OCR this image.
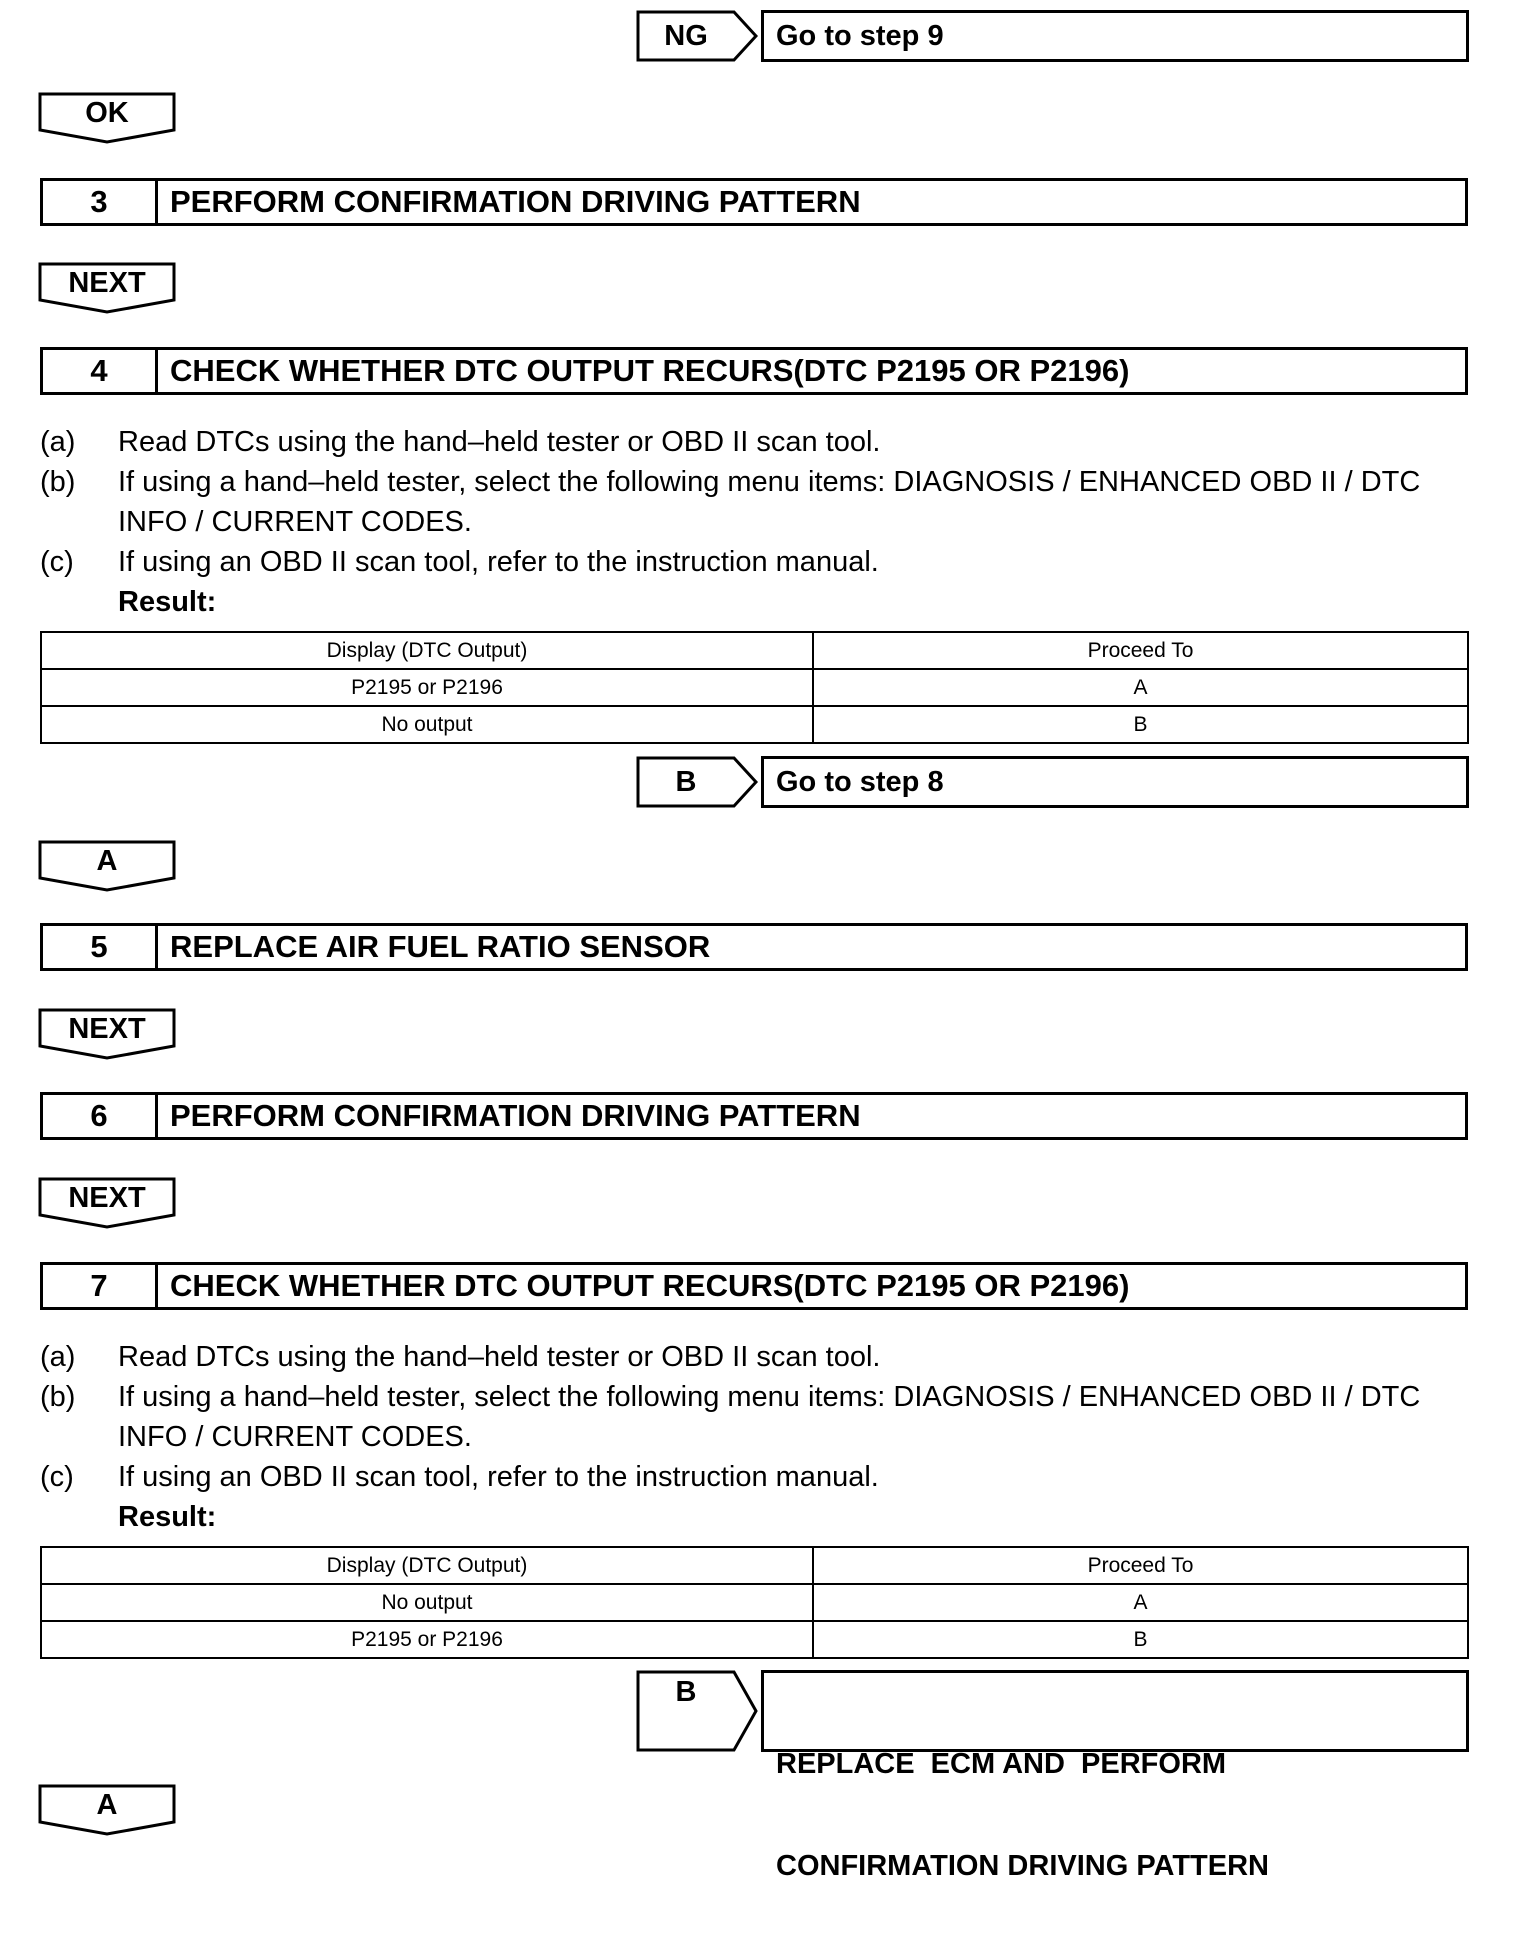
NG	Go to step 9
OK
3	PERFORM CONFIRMATION DRIVING PATTERN
NEXT
4	CHECK WHETHER DTC OUTPUT RECURS(DTC P2195 OR P2196)
(a) Read DTCs using the hand–held tester or OBD II scan tool.
(b) If using a hand–held tester, select the following menu items: DIAGNOSIS / ENHANCED OBD II / DTC
INFO / CURRENT CODES.
(c) If using an OBD II scan tool, refer to the instruction manual.
Result:
Display (DTC Output)	Proceed To
P2195 or P2196	A
No output	B
B	Go to step 8
A
5	REPLACE AIR FUEL RATIO SENSOR
NEXT
6	PERFORM CONFIRMATION DRIVING PATTERN
NEXT
7	CHECK WHETHER DTC OUTPUT RECURS(DTC P2195 OR P2196)
(a) Read DTCs using the hand–held tester or OBD II scan tool.
(b) If using a hand–held tester, select the following menu items: DIAGNOSIS / ENHANCED OBD II / DTC
INFO / CURRENT CODES.
(c) If using an OBD II scan tool, refer to the instruction manual.
Result:
Display (DTC Output)	Proceed To
No output	A
P2195 or P2196	B
B

REPLACE  ECM AND  PERFORM

CONFIRMATION DRIVING PATTERN

A
